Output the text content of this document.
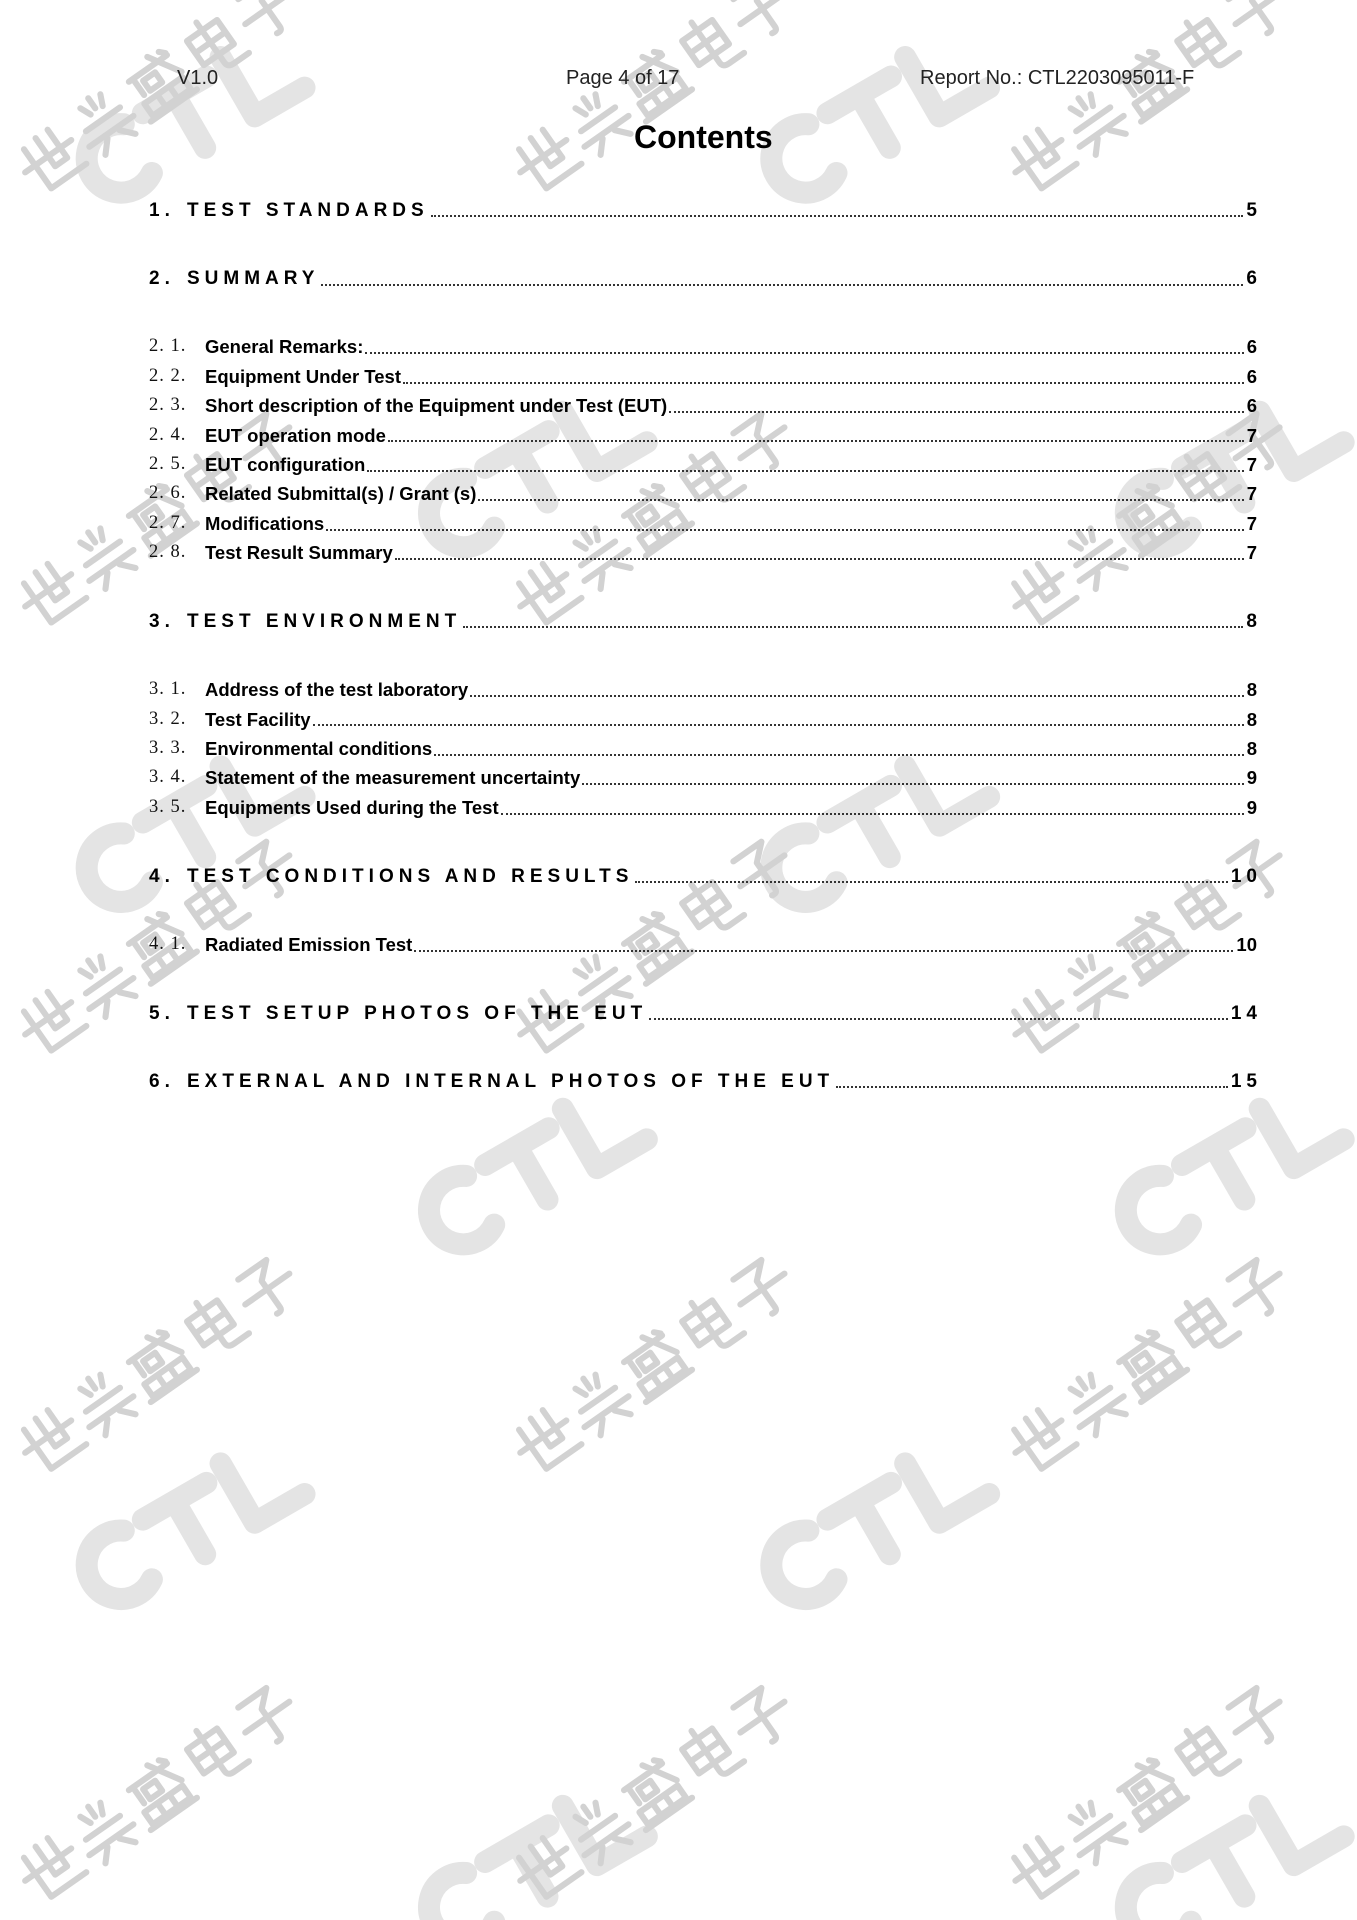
V1.0	Page 4 of 17	Report No.: CTL2203095011-F
Contents
1. TEST STANDARDS	5
2. SUMMARY	6
2. 1.	General Remarks:	6
2. 2.	Equipment Under Test	6
2. 3.	Short description of the Equipment under Test (EUT)	6
2. 4.	EUT operation mode	7
2. 5.	EUT configuration	7
2. 6.	Related Submittal(s) / Grant (s)	7
2. 7.	Modifications	7
2. 8.	Test Result Summary	7
3. TEST ENVIRONMENT	8
3. 1.	Address of the test laboratory	8
3. 2.	Test Facility	8
3. 3.	Environmental conditions	8
3. 4.	Statement of the measurement uncertainty	9
3. 5.	Equipments Used during the Test	9
4. TEST CONDITIONS AND RESULTS	10
4. 1.	Radiated Emission Test	10
5. TEST SETUP PHOTOS OF THE EUT	14
6. EXTERNAL AND INTERNAL PHOTOS OF THE EUT	15
